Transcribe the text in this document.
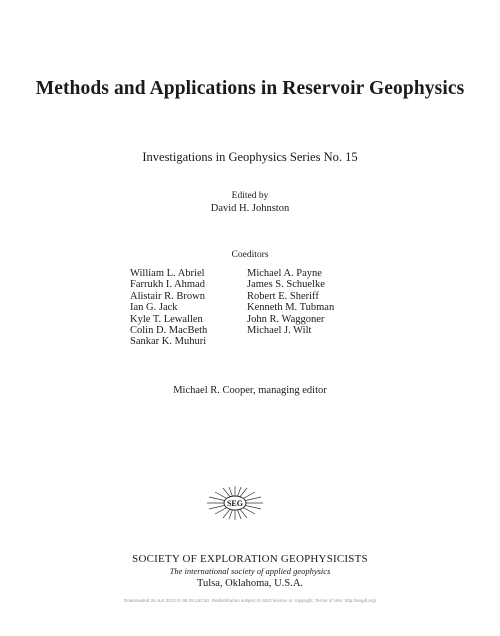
Methods and Applications in Reservoir Geophysics
Investigations in Geophysics Series No. 15
Edited by
David H. Johnston
Coeditors
William L. Abriel
Farrukh I. Ahmad
Alistair R. Brown
Ian G. Jack
Kyle T. Lewallen
Colin D. MacBeth
Sankar K. Muhuri
Michael A. Payne
James S. Schuelke
Robert E. Sheriff
Kenneth M. Tubman
John R. Waggoner
Michael J. Wilt
Michael R. Cooper, managing editor
SEG
SOCIETY OF EXPLORATION GEOPHYSICISTS
The international society of applied geophysics
Tulsa, Oklahoma, U.S.A.
Downloaded 26 Jun 2012 to 95.28.162.50. Redistribution subject to SEG license or copyright; Terms of Use: http://segdl.org/
